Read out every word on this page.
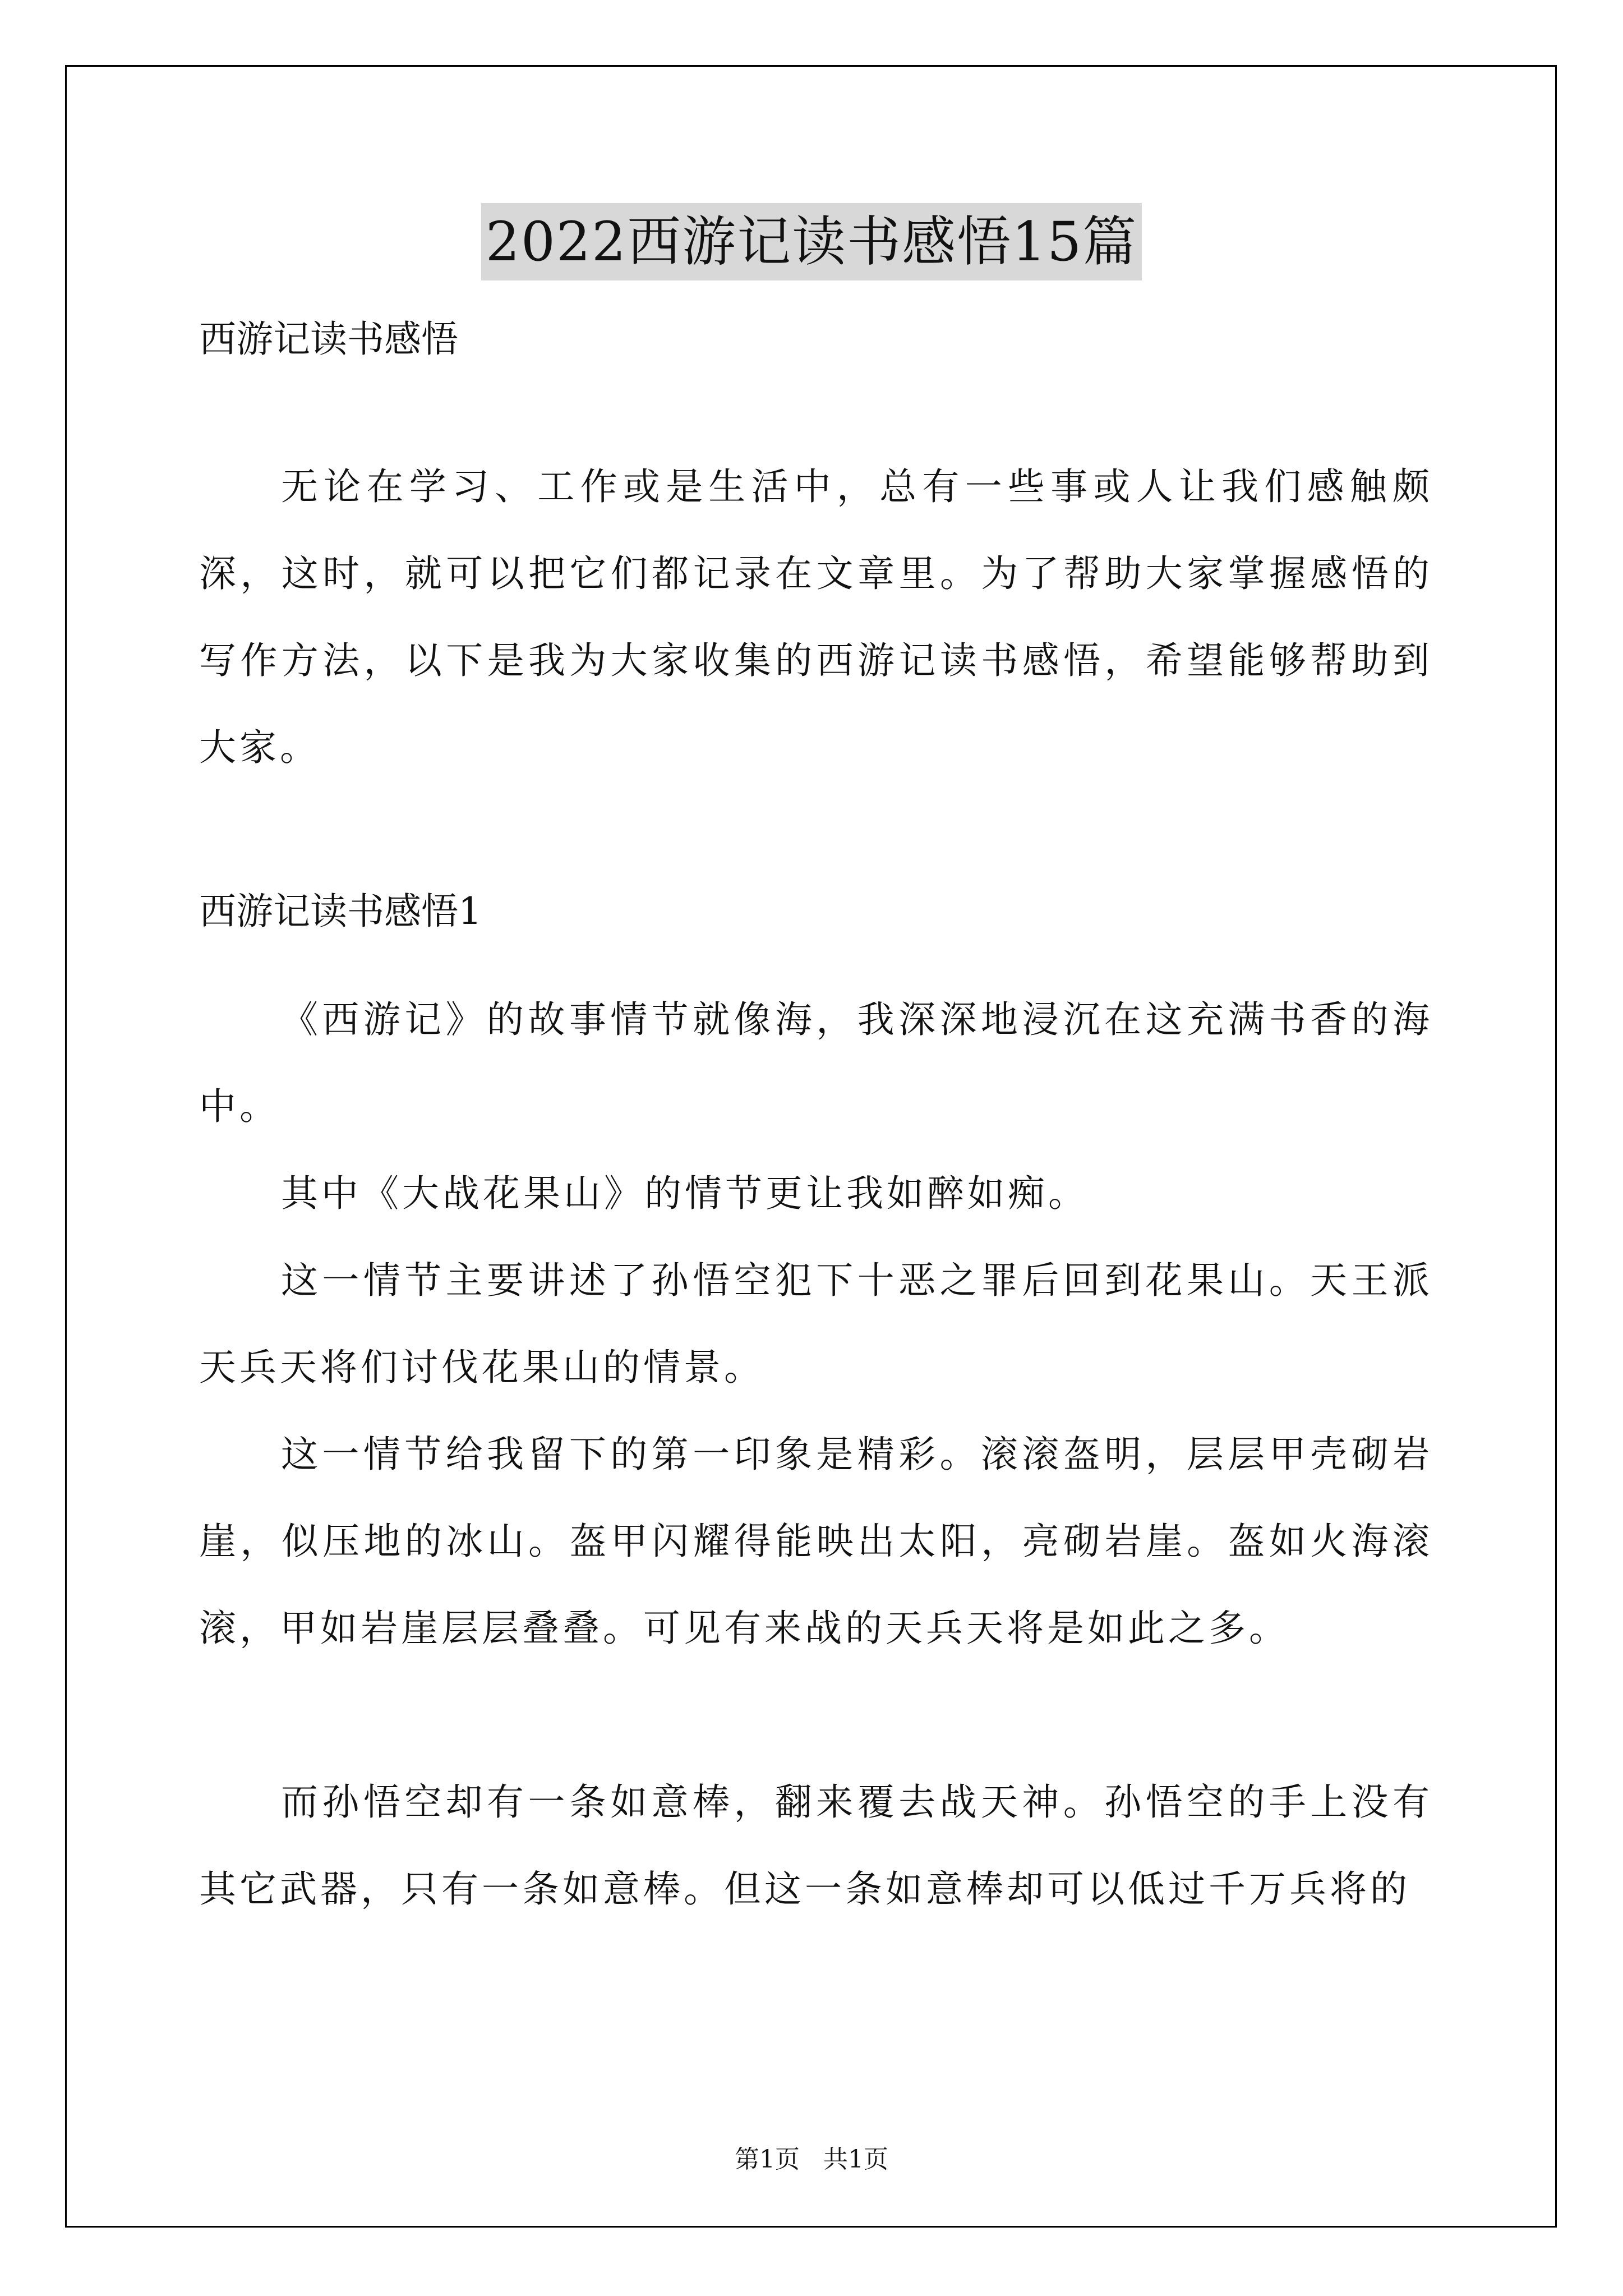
2022西游记读书感悟15篇
西游记读书感悟

无论在学习、工作或是生活中，总有一些事或人让我们感触颇深，这时，就可以把它们都记录在文章里。为了帮助大家掌握感悟的写作方法，以下是我为大家收集的西游记读书感悟，希望能够帮助到大家。

西游记读书感悟1

《西游记》的故事情节就像海，我深深地浸沉在这充满书香的海中。

其中《大战花果山》的情节更让我如醉如痴。

这一情节主要讲述了孙悟空犯下十恶之罪后回到花果山。天王派天兵天将们讨伐花果山的情景。

这一情节给我留下的第一印象是精彩。滚滚盔明，层层甲壳砌岩崖，似压地的冰山。盔甲闪耀得能映出太阳，亮砌岩崖。盔如火海滚滚，甲如岩崖层层叠叠。可见有来战的天兵天将是如此之多。

而孙悟空却有一条如意棒，翻来覆去战天神。孙悟空的手上没有其它武器，只有一条如意棒。但这一条如意棒却可以低过千万兵将的

第1页 共1页
